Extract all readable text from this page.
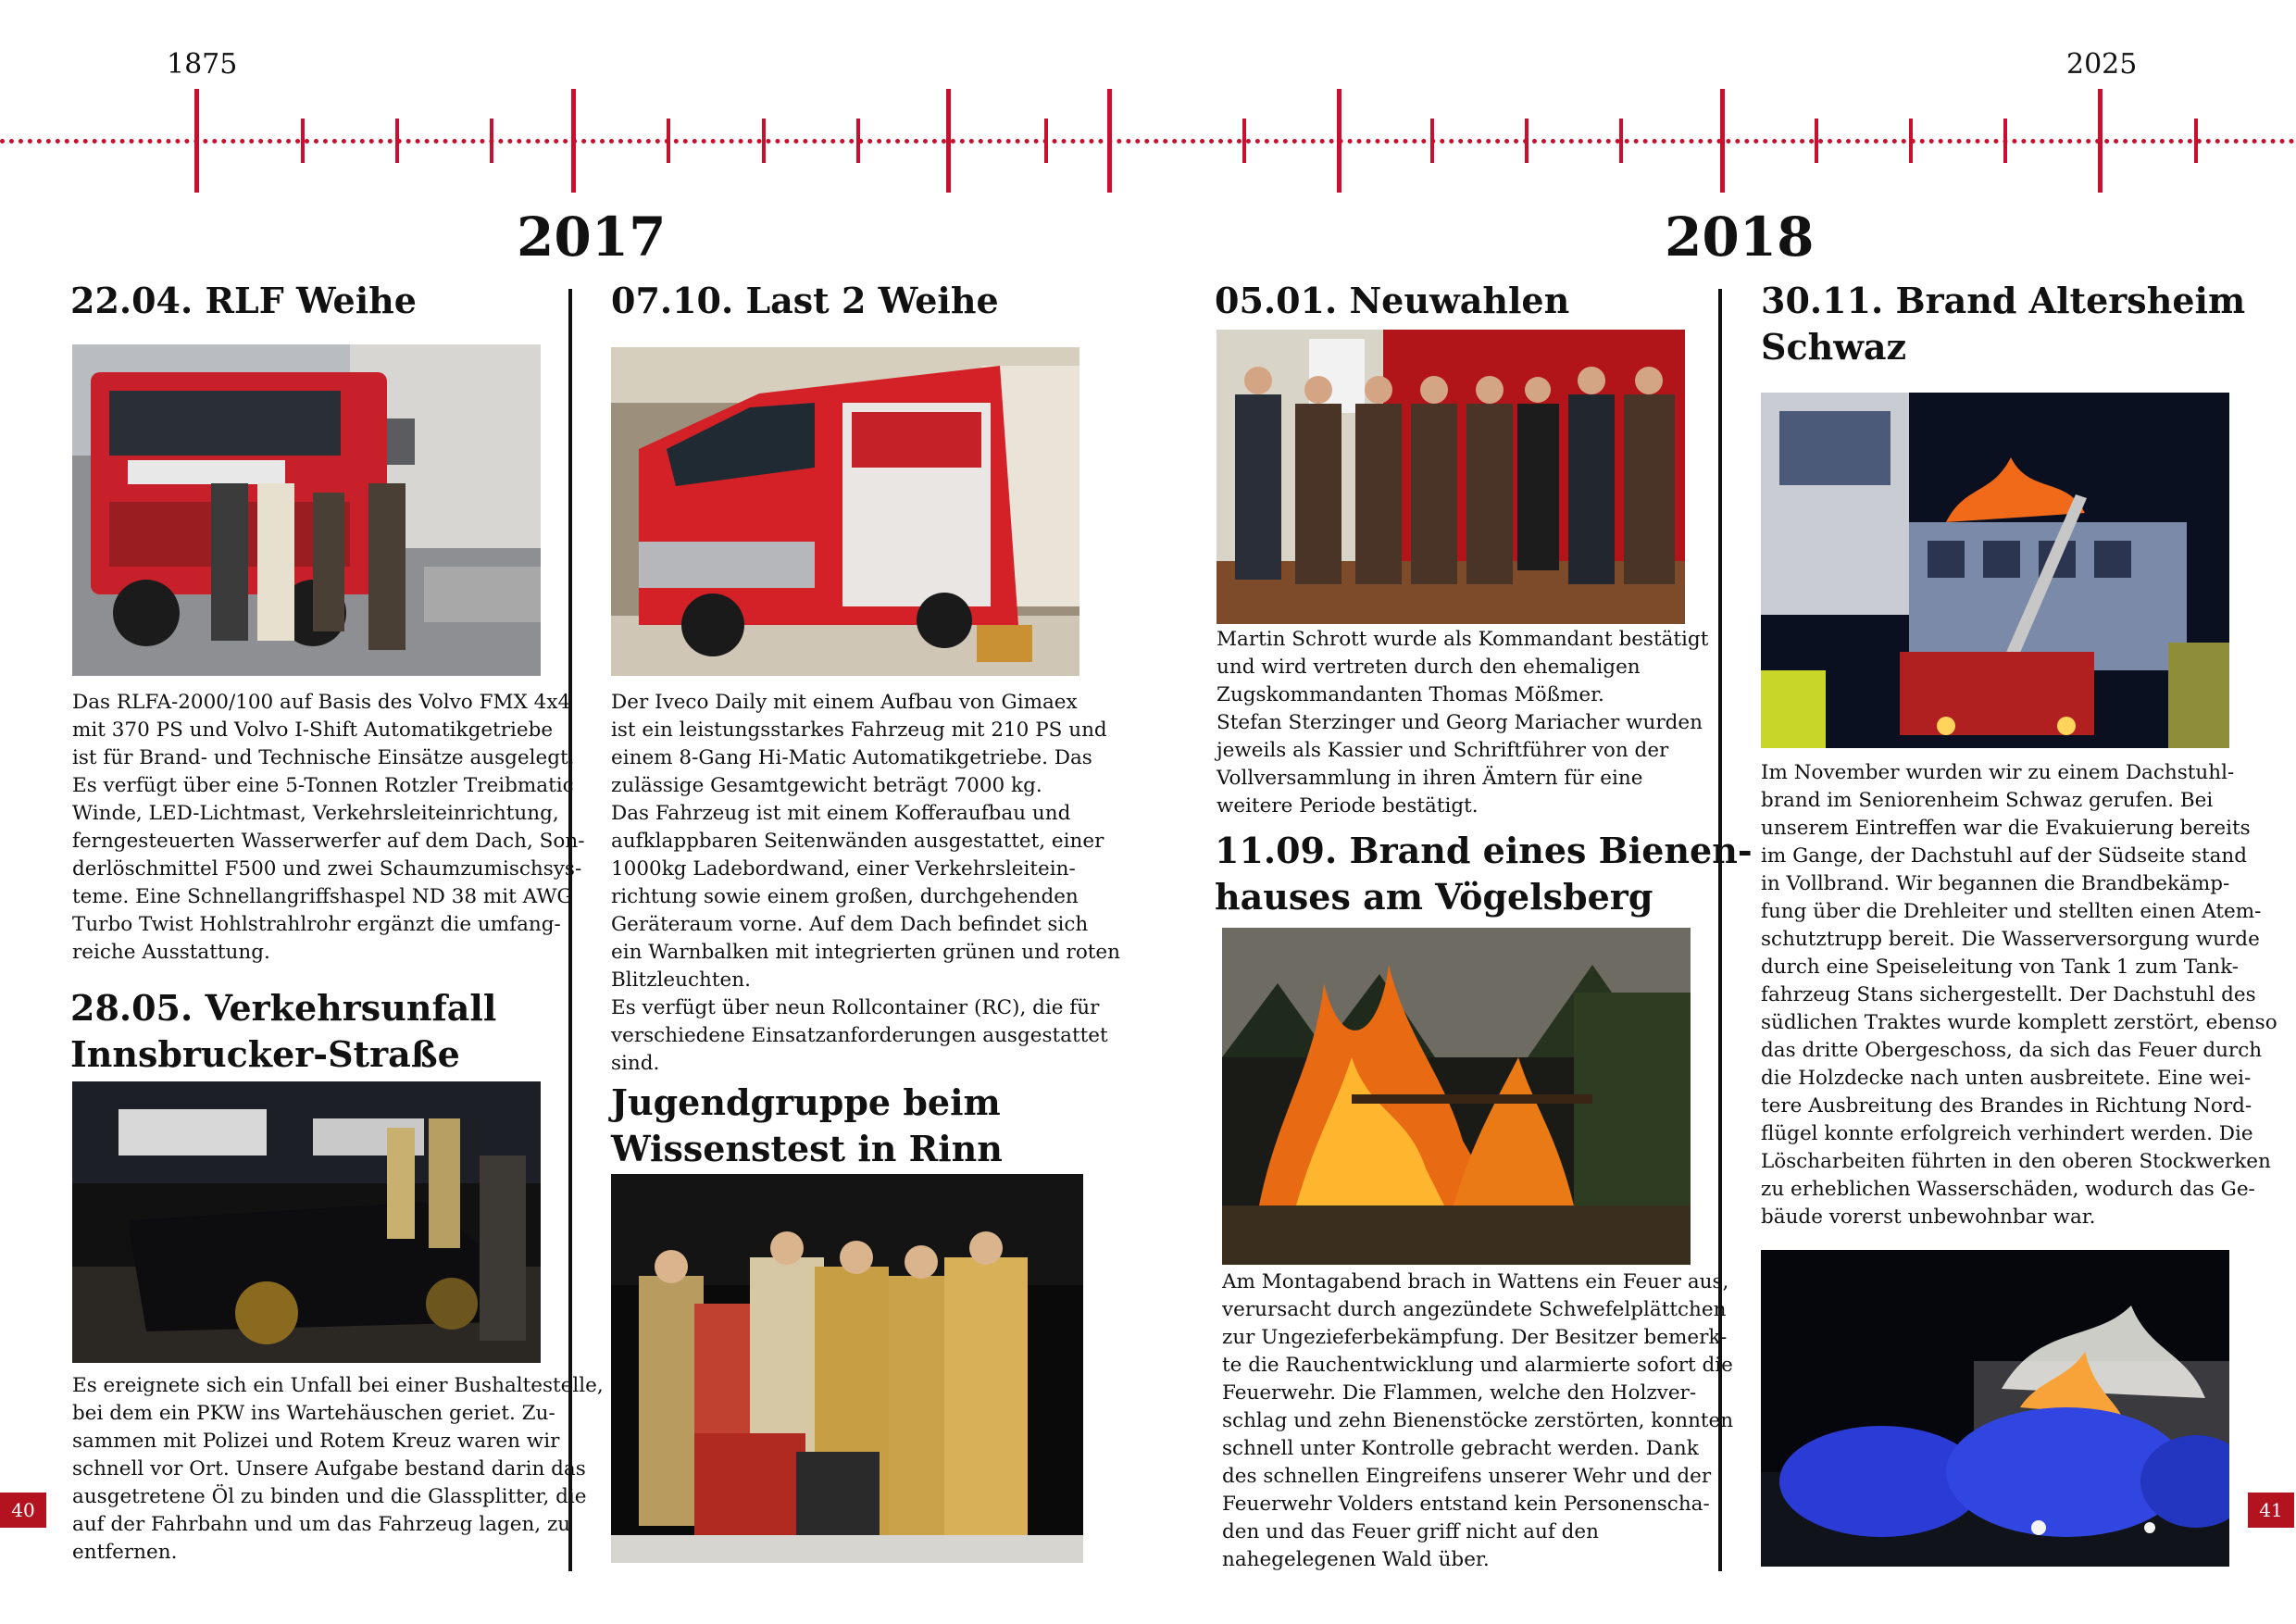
1875	2025
2017	2018
22.04. RLF Weihe

Das RLFA-2000/100 auf Basis des Volvo FMX 4x4
mit 370 PS und Volvo I-Shift Automatikgetriebe
ist für Brand- und Technische Einsätze ausgelegt.
Es verfügt über eine 5-Tonnen Rotzler Treibmatic
Winde, LED-Lichtmast, Verkehrsleiteinrichtung,
ferngesteuerten Wasserwerfer auf dem Dach, Son-
derlöschmittel F500 und zwei Schaumzumischsys-
teme. Eine Schnellangriffshaspel ND 38 mit AWG
Turbo Twist Hohlstrahlrohr ergänzt die umfang-
reiche Ausstattung.

28.05. Verkehrsunfall
Innsbrucker-Straße

Es ereignete sich ein Unfall bei einer Bushaltestelle,
bei dem ein PKW ins Wartehäuschen geriet. Zu-
sammen mit Polizei und Rotem Kreuz waren wir
schnell vor Ort. Unsere Aufgabe bestand darin das
ausgetretene Öl zu binden und die Glassplitter, die
auf der Fahrbahn und um das Fahrzeug lagen, zu
entfernen.

07.10. Last 2 Weihe

Der Iveco Daily mit einem Aufbau von Gimaex
ist ein leistungsstarkes Fahrzeug mit 210 PS und
einem 8-Gang Hi-Matic Automatikgetriebe. Das
zulässige Gesamtgewicht beträgt 7000 kg.
Das Fahrzeug ist mit einem Kofferaufbau und
aufklappbaren Seitenwänden ausgestattet, einer
1000kg Ladebordwand, einer Verkehrsleitein-
richtung sowie einem großen, durchgehenden
Geräteraum vorne. Auf dem Dach befindet sich
ein Warnbalken mit integrierten grünen und roten
Blitzleuchten.
Es verfügt über neun Rollcontainer (RC), die für
verschiedene Einsatzanforderungen ausgestattet
sind.

Jugendgruppe beim
Wissenstest in Rinn
05.01. Neuwahlen

Martin Schrott wurde als Kommandant bestätigt
und wird vertreten durch den ehemaligen
Zugskommandanten Thomas Mößmer.
Stefan Sterzinger und Georg Mariacher wurden
jeweils als Kassier und Schriftführer von der
Vollversammlung in ihren Ämtern für eine
weitere Periode bestätigt.

11.09. Brand eines Bienen-
hauses am Vögelsberg

Am Montagabend brach in Wattens ein Feuer aus,
verursacht durch angezündete Schwefelplättchen
zur Ungezieferbekämpfung. Der Besitzer bemerk-
te die Rauchentwicklung und alarmierte sofort die
Feuerwehr. Die Flammen, welche den Holzver-
schlag und zehn Bienenstöcke zerstörten, konnten
schnell unter Kontrolle gebracht werden. Dank
des schnellen Eingreifens unserer Wehr und der
Feuerwehr Volders entstand kein Personenscha-
den und das Feuer griff nicht auf den
nahegelegenen Wald über.

30.11. Brand Altersheim
Schwaz

Im November wurden wir zu einem Dachstuhl-
brand im Seniorenheim Schwaz gerufen. Bei
unserem Eintreffen war die Evakuierung bereits
im Gange, der Dachstuhl auf der Südseite stand
in Vollbrand. Wir begannen die Brandbekämp-
fung über die Drehleiter und stellten einen Atem-
schutztrupp bereit. Die Wasserversorgung wurde
durch eine Speiseleitung von Tank 1 zum Tank-
fahrzeug Stans sichergestellt. Der Dachstuhl des
südlichen Traktes wurde komplett zerstört, ebenso
das dritte Obergeschoss, da sich das Feuer durch
die Holzdecke nach unten ausbreitete. Eine wei-
tere Ausbreitung des Brandes in Richtung Nord-
flügel konnte erfolgreich verhindert werden. Die
Löscharbeiten führten in den oberen Stockwerken
zu erheblichen Wasserschäden, wodurch das Ge-
bäude vorerst unbewohnbar war.

40	41
